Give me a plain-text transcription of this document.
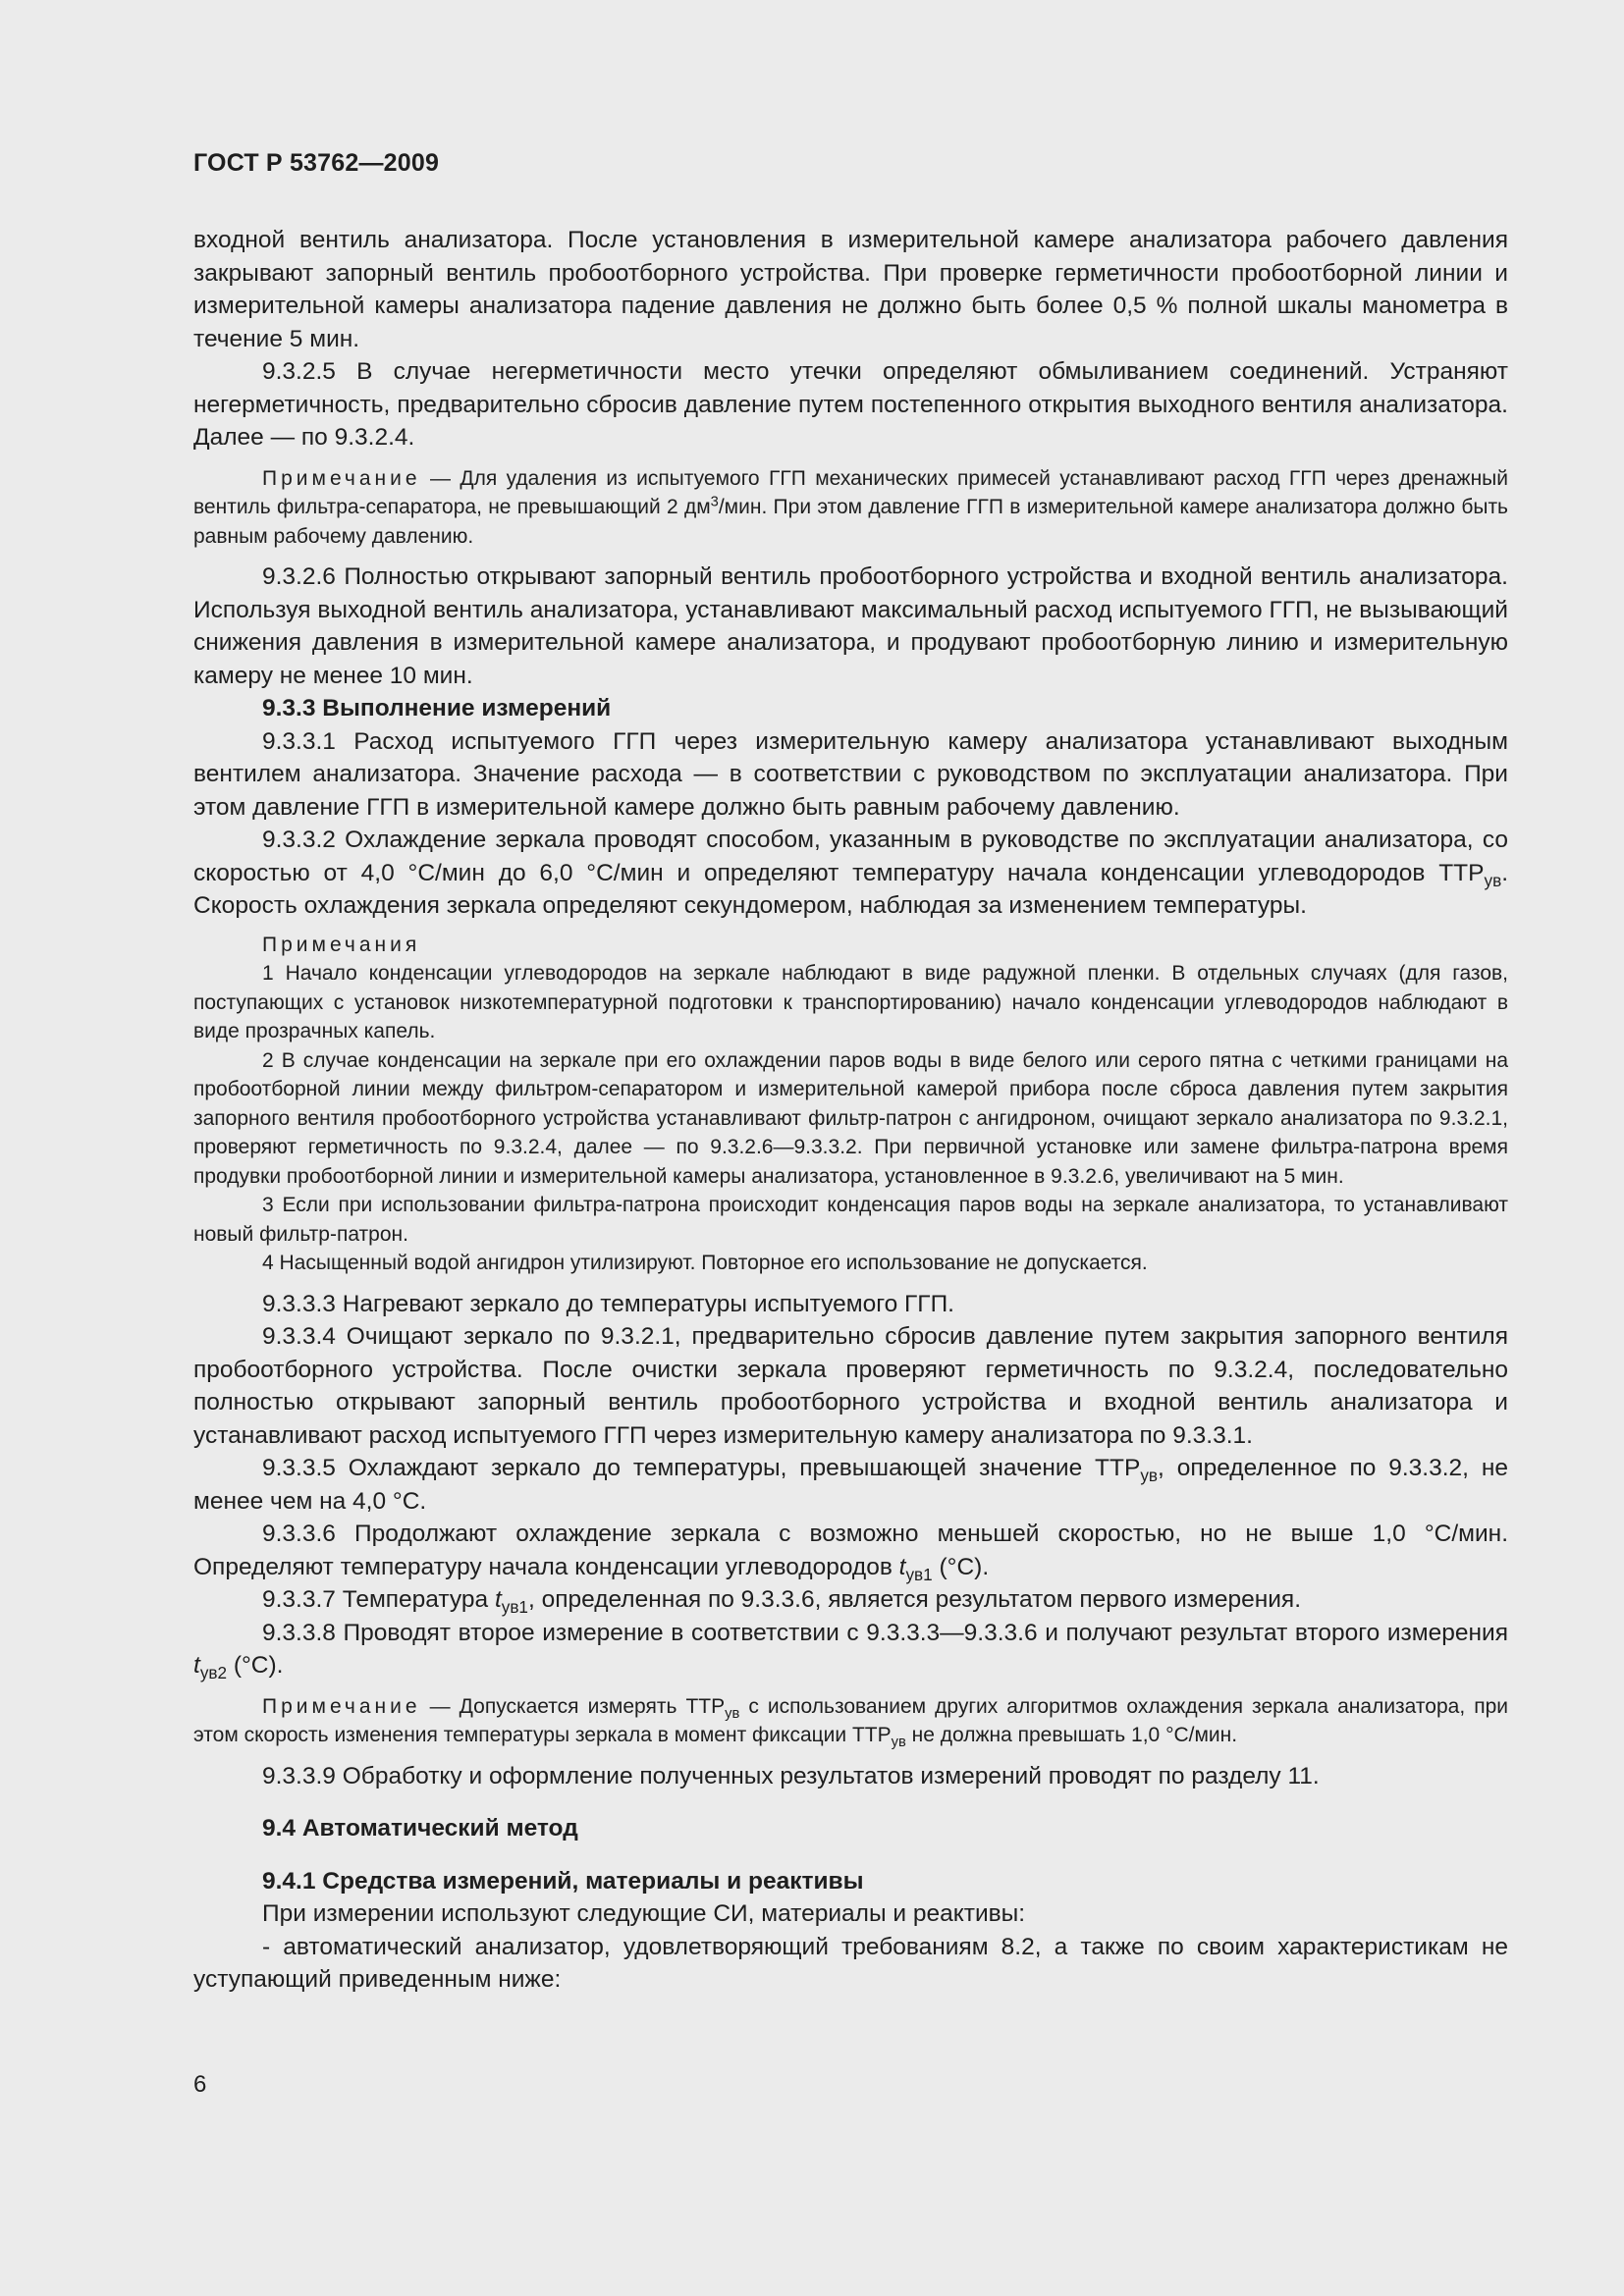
ГОСТ Р 53762—2009

входной вентиль анализатора. После установления в измерительной камере анализатора рабочего давления закрывают запорный вентиль пробоотборного устройства. При проверке герметичности пробоотборной линии и измерительной камеры анализатора падение давления не должно быть более 0,5 % полной шкалы манометра в течение 5 мин.

9.3.2.5 В случае негерметичности место утечки определяют обмыливанием соединений. Устраняют негерметичность, предварительно сбросив давление путем постепенного открытия выходного вентиля анализатора. Далее — по 9.3.2.4.

Примечание — Для удаления из испытуемого ГГП механических примесей устанавливают расход ГГП через дренажный вентиль фильтра-сепаратора, не превышающий 2 $дм^3$/мин. При этом давление ГГП в измерительной камере анализатора должно быть равным рабочему давлению.

9.3.2.6 Полностью открывают запорный вентиль пробоотборного устройства и входной вентиль анализатора. Используя выходной вентиль анализатора, устанавливают максимальный расход испытуемого ГГП, не вызывающий снижения давления в измерительной камере анализатора, и продувают пробоотборную линию и измерительную камеру не менее 10 мин.

9.3.3 Выполнение измерений

9.3.3.1 Расход испытуемого ГГП через измерительную камеру анализатора устанавливают выходным вентилем анализатора. Значение расхода — в соответствии с руководством по эксплуатации анализатора. При этом давление ГГП в измерительной камере должно быть равным рабочему давлению.

9.3.3.2 Охлаждение зеркала проводят способом, указанным в руководстве по эксплуатации анализатора, со скоростью от 4,0 °С/мин до 6,0 °С/мин и определяют температуру начала конденсации углеводородов $ТТР_{ув}$. Скорость охлаждения зеркала определяют секундомером, наблюдая за изменением температуры.

Примечания
1 Начало конденсации углеводородов на зеркале наблюдают в виде радужной пленки. В отдельных случаях (для газов, поступающих с установок низкотемпературной подготовки к транспортированию) начало конденсации углеводородов наблюдают в виде прозрачных капель.
2 В случае конденсации на зеркале при его охлаждении паров воды в виде белого или серого пятна с четкими границами на пробоотборной линии между фильтром-сепаратором и измерительной камерой прибора после сброса давления путем закрытия запорного вентиля пробоотборного устройства устанавливают фильтр-патрон с ангидроном, очищают зеркало анализатора по 9.3.2.1, проверяют герметичность по 9.3.2.4, далее — по 9.3.2.6—9.3.3.2. При первичной установке или замене фильтра-патрона время продувки пробоотборной линии и измерительной камеры анализатора, установленное в 9.3.2.6, увеличивают на 5 мин.
3 Если при использовании фильтра-патрона происходит конденсация паров воды на зеркале анализатора, то устанавливают новый фильтр-патрон.
4 Насыщенный водой ангидрон утилизируют. Повторное его использование не допускается.

9.3.3.3 Нагревают зеркало до температуры испытуемого ГГП.

9.3.3.4 Очищают зеркало по 9.3.2.1, предварительно сбросив давление путем закрытия запорного вентиля пробоотборного устройства. После очистки зеркала проверяют герметичность по 9.3.2.4, последовательно полностью открывают запорный вентиль пробоотборного устройства и входной вентиль анализатора и устанавливают расход испытуемого ГГП через измерительную камеру анализатора по 9.3.3.1.

9.3.3.5 Охлаждают зеркало до температуры, превышающей значение $ТТР_{ув}$, определенное по 9.3.3.2, не менее чем на 4,0 °С.

9.3.3.6 Продолжают охлаждение зеркала с возможно меньшей скоростью, но не выше 1,0 °С/мин. Определяют температуру начала конденсации углеводородов $t_{ув1}$ (°С).

9.3.3.7 Температура $t_{ув1}$, определенная по 9.3.3.6, является результатом первого измерения.

9.3.3.8 Проводят второе измерение в соответствии с 9.3.3.3—9.3.3.6 и получают результат второго измерения $t_{ув2}$ (°С).

Примечание — Допускается измерять $ТТР_{ув}$ с использованием других алгоритмов охлаждения зеркала анализатора, при этом скорость изменения температуры зеркала в момент фиксации $ТТР_{ув}$ не должна превышать 1,0 °С/мин.

9.3.3.9 Обработку и оформление полученных результатов измерений проводят по разделу 11.

9.4 Автоматический метод

9.4.1 Средства измерений, материалы и реактивы

При измерении используют следующие СИ, материалы и реактивы:

- автоматический анализатор, удовлетворяющий требованиям 8.2, а также по своим характеристикам не уступающий приведенным ниже:

6
